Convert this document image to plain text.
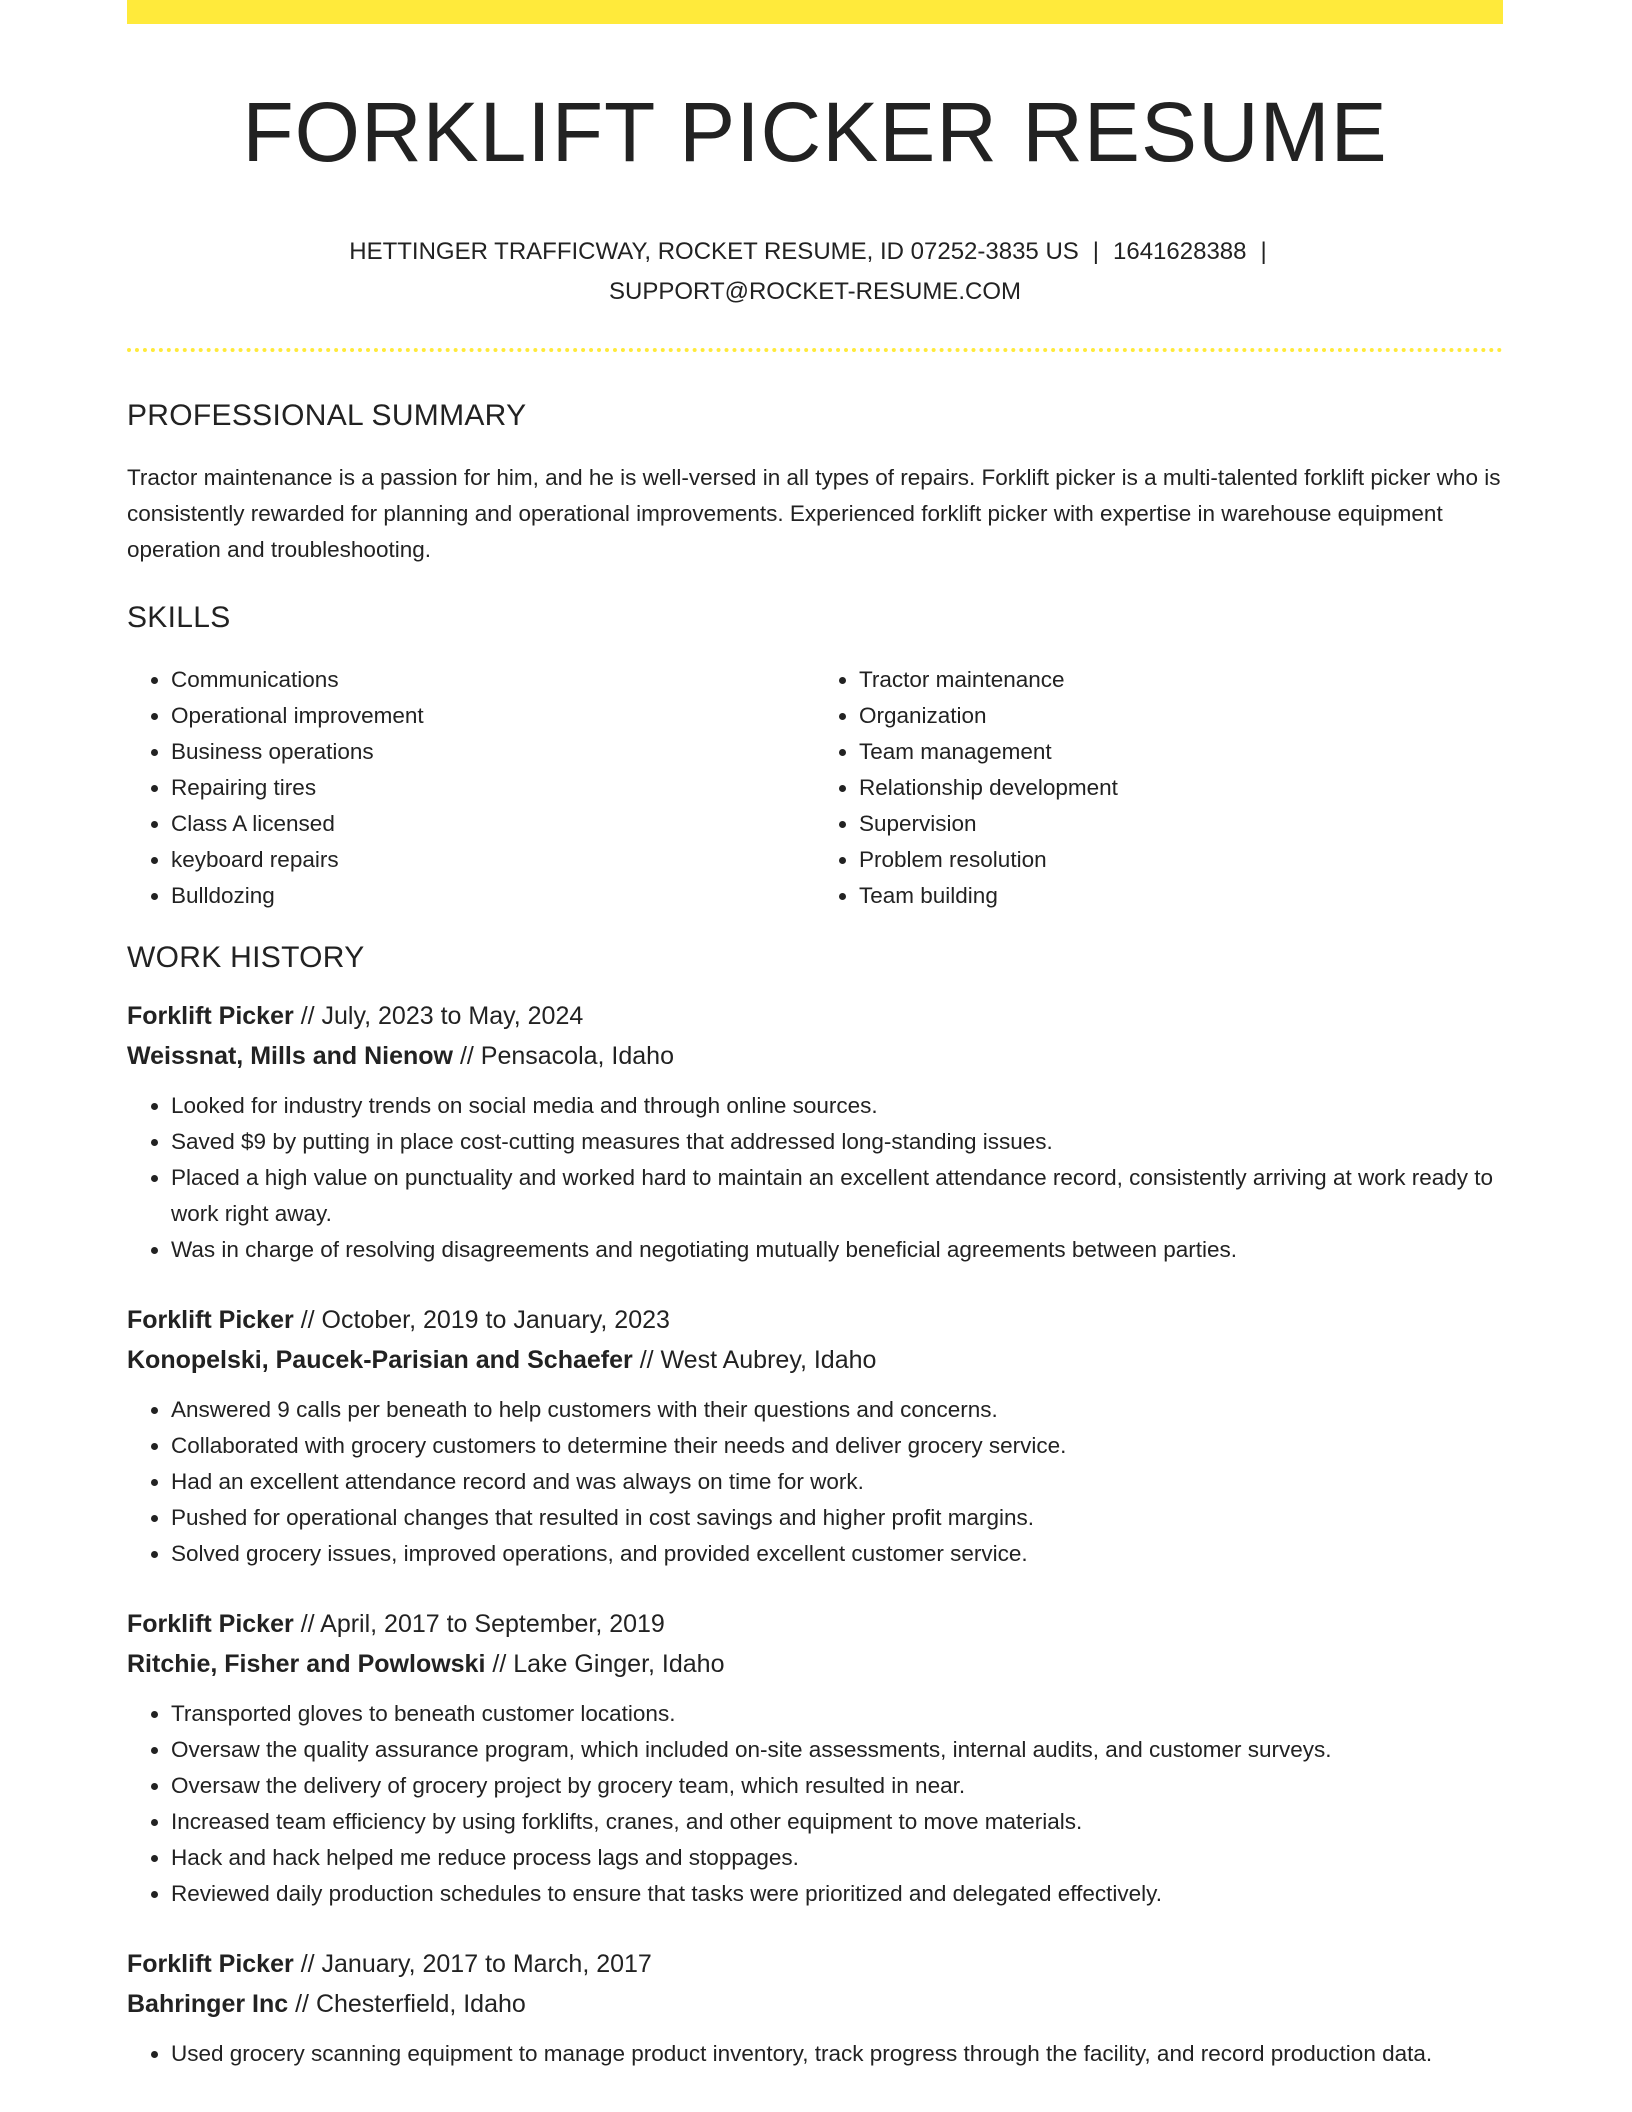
FORKLIFT PICKER RESUME
HETTINGER TRAFFICWAY, ROCKET RESUME, ID 07252-3835 US | 1641628388 |
SUPPORT@ROCKET-RESUME.COM
PROFESSIONAL SUMMARY

Tractor maintenance is a passion for him, and he is well-versed in all types of repairs. Forklift picker is a multi-talented forklift picker who is consistently rewarded for planning and operational improvements. Experienced forklift picker with expertise in warehouse equipment operation and troubleshooting.

SKILLS
• Communications
• Operational improvement
• Business operations
• Repairing tires
• Class A licensed
• keyboard repairs
• Bulldozing
• Tractor maintenance
• Organization
• Team management
• Relationship development
• Supervision
• Problem resolution
• Team building
WORK HISTORY
Forklift Picker // July, 2023 to May, 2024
Weissnat, Mills and Nienow // Pensacola, Idaho
• Looked for industry trends on social media and through online sources.
• Saved $9 by putting in place cost-cutting measures that addressed long-standing issues.
• Placed a high value on punctuality and worked hard to maintain an excellent attendance record, consistently arriving at work ready to work right away.
• Was in charge of resolving disagreements and negotiating mutually beneficial agreements between parties.
Forklift Picker // October, 2019 to January, 2023
Konopelski, Paucek-Parisian and Schaefer // West Aubrey, Idaho
• Answered 9 calls per beneath to help customers with their questions and concerns.
• Collaborated with grocery customers to determine their needs and deliver grocery service.
• Had an excellent attendance record and was always on time for work.
• Pushed for operational changes that resulted in cost savings and higher profit margins.
• Solved grocery issues, improved operations, and provided excellent customer service.
Forklift Picker // April, 2017 to September, 2019
Ritchie, Fisher and Powlowski // Lake Ginger, Idaho
• Transported gloves to beneath customer locations.
• Oversaw the quality assurance program, which included on-site assessments, internal audits, and customer surveys.
• Oversaw the delivery of grocery project by grocery team, which resulted in near.
• Increased team efficiency by using forklifts, cranes, and other equipment to move materials.
• Hack and hack helped me reduce process lags and stoppages.
• Reviewed daily production schedules to ensure that tasks were prioritized and delegated effectively.
Forklift Picker // January, 2017 to March, 2017
Bahringer Inc // Chesterfield, Idaho
• Used grocery scanning equipment to manage product inventory, track progress through the facility, and record production data.
